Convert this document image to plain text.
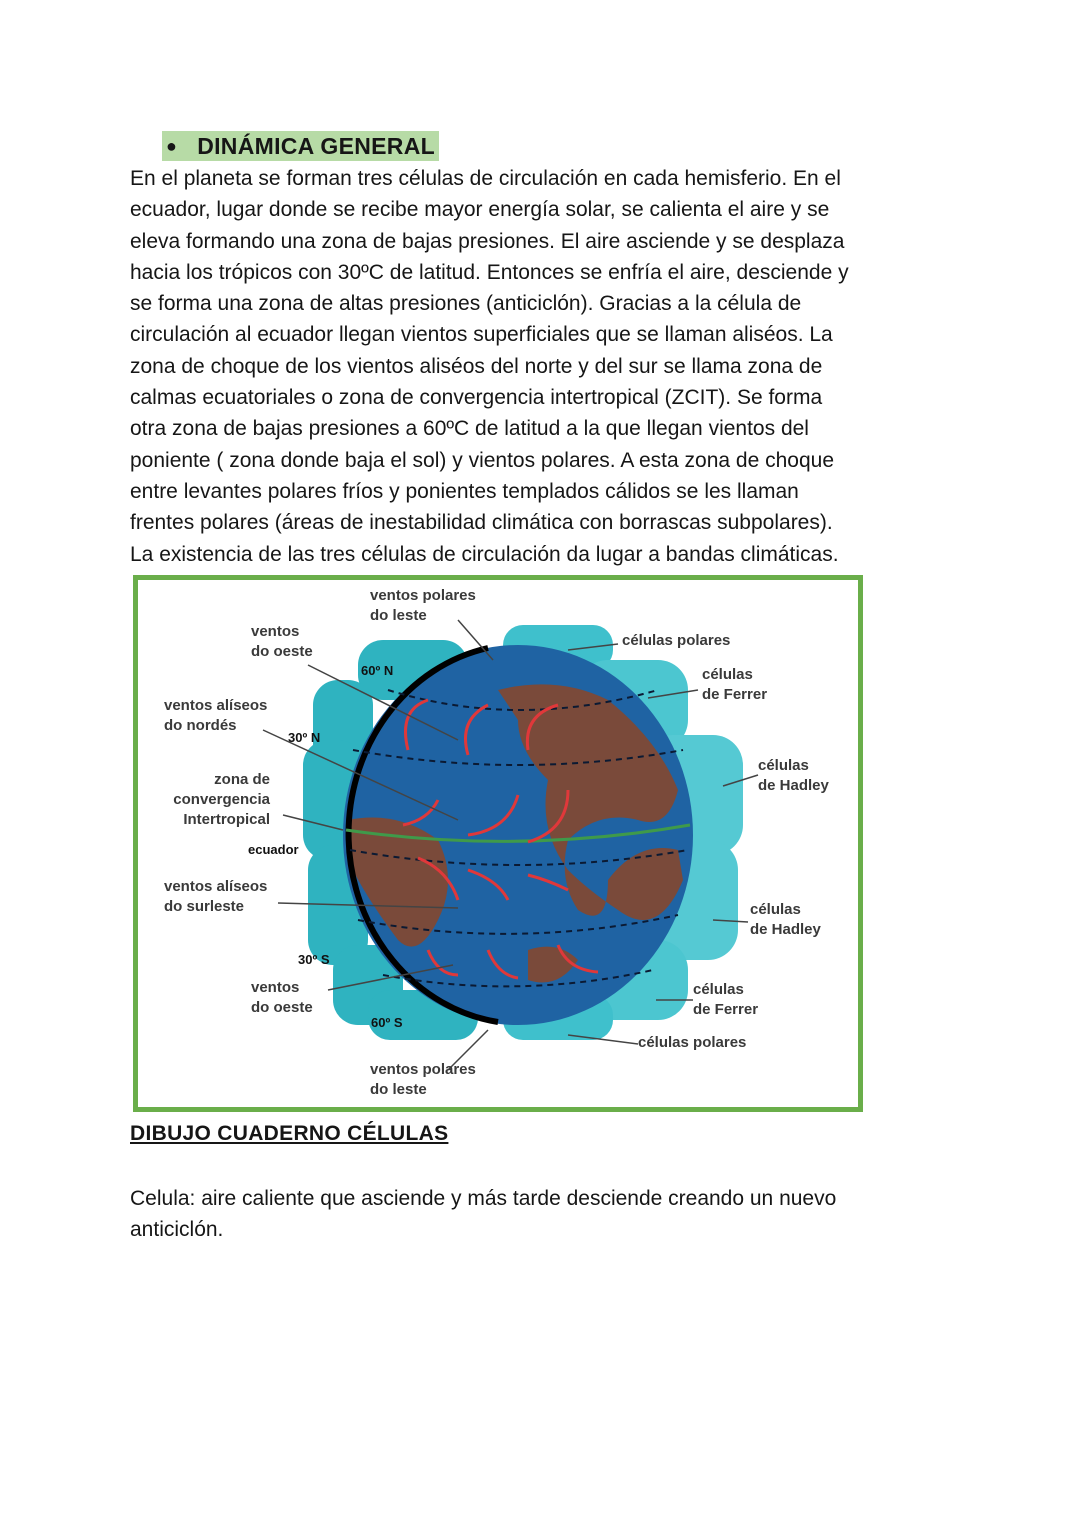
● DINÁMICA GENERAL
En el planeta se forman tres células de circulación en cada hemisferio. En el
ecuador, lugar donde se recibe mayor energía solar, se calienta el aire y se
eleva formando una zona de bajas presiones. El aire asciende y se desplaza
hacia los trópicos con 30ºC de latitud. Entonces se enfría el aire, desciende y
se forma una zona de altas presiones (anticiclón). Gracias a la célula de
circulación al ecuador llegan vientos superficiales que se llaman aliséos. La
zona de choque de los vientos aliséos del norte y del sur se llama zona de
calmas ecuatoriales o zona de convergencia intertropical (ZCIT). Se forma
otra zona de bajas presiones a 60ºC de latitud a la que llegan vientos del
poniente ( zona donde baja el sol) y vientos polares. A esta zona de choque
entre levantes polares fríos y ponientes templados cálidos se les llaman
frentes polares (áreas de inestabilidad climática con borrascas subpolares).
La existencia de las tres células de circulación da lugar a bandas climáticas.
ventos polares
do leste
ventos
do oeste
60º N
ventos alíseos
do nordés
30º N
zona de
convergencia
Intertropical
ecuador
ventos alíseos
do surleste
30º S
ventos
do oeste
60º S
ventos polares
do leste
células polares
células
de Ferrer
células
de Hadley
células
de Hadley
células
de Ferrer
células polares
DIBUJO CUADERNO CÉLULAS
Celula: aire caliente que asciende y más tarde desciende creando un nuevo
anticiclón.
